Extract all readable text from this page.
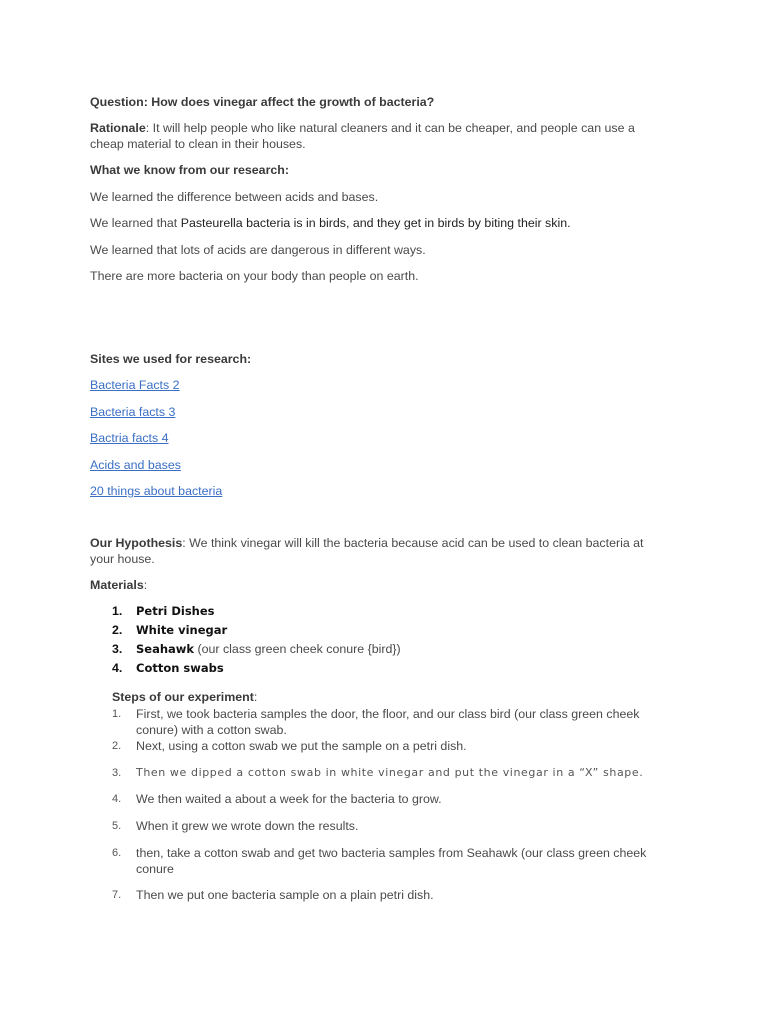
Question: How does vinegar affect the growth of bacteria?

Rationale: It will help people who like natural cleaners and it can be cheaper, and people can use a cheap material to clean in their houses.

What we know from our research:

We learned the difference between acids and bases.

We learned that Pasteurella bacteria is in birds, and they get in birds by biting their skin.

We learned that lots of acids are dangerous in different ways.

There are more bacteria on your body than people on earth.

Sites we used for research:

Bacteria Facts 2

Bacteria facts 3

Bactria facts 4

Acids and bases

20 things about bacteria

Our Hypothesis: We think vinegar will kill the bacteria because acid can be used to clean bacteria at your house.

Materials:

1. Petri Dishes
2. White vinegar
3. Seahawk (our class green cheek conure {bird})
4. Cotton swabs

Steps of our experiment:

1.	First, we took bacteria samples the door, the floor, and our class bird (our class green cheek conure) with a cotton swab.
2.	Next, using a cotton swab we put the sample on a petri dish.
3.	Then we dipped a cotton swab in white vinegar and put the vinegar in a “X” shape.
4.	We then waited a about a week for the bacteria to grow.
5.	When it grew we wrote down the results.
6.	then, take a cotton swab and get two bacteria samples from Seahawk (our class green cheek conure
7.	Then we put one bacteria sample on a plain petri dish.
